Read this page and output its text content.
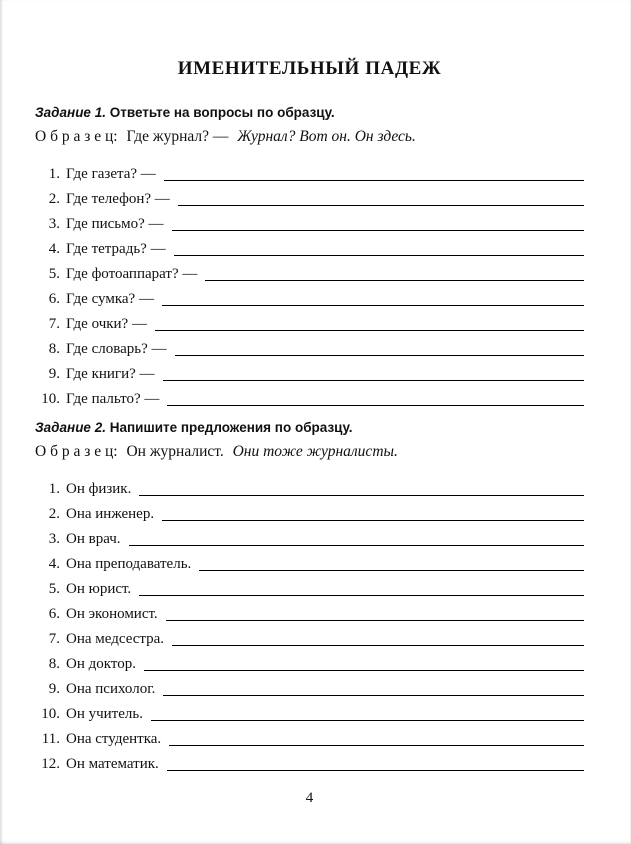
ИМЕНИТЕЛЬНЫЙ ПАДЕЖ

Задание 1. Ответьте на вопросы по образцу.

О б р а з е ц: Где журнал? — Журнал? Вот он. Он здесь.

1. Где газета? —
2. Где телефон? —
3. Где письмо? —
4. Где тетрадь? —
5. Где фотоаппарат? —
6. Где сумка? —
7. Где очки? —
8. Где словарь? —
9. Где книги? —
10. Где пальто? —

Задание 2. Напишите предложения по образцу.

О б р а з е ц: Он журналист. Они тоже журналисты.

1. Он физик.
2. Она инженер.
3. Он врач.
4. Она преподаватель.
5. Он юрист.
6. Он экономист.
7. Она медсестра.
8. Он доктор.
9. Она психолог.
10. Он учитель.
11. Она студентка.
12. Он математик.
4
